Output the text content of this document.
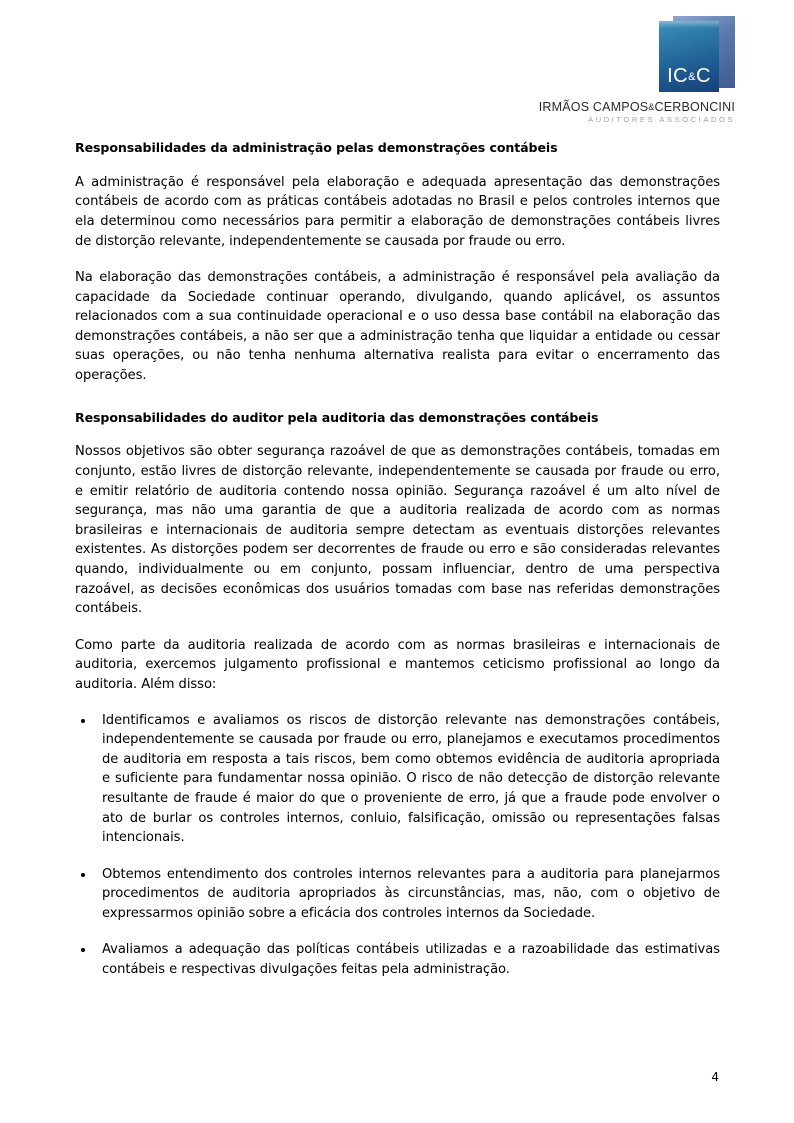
IC&C
IRMÃOS CAMPOS&CERBONCINI
AUDITORES ASSOCIADOS
Responsabilidades da administração pelas demonstrações contábeis

A administração é responsável pela elaboração e adequada apresentação das demonstrações contábeis de acordo com as práticas contábeis adotadas no Brasil e pelos controles internos que ela determinou como necessários para permitir a elaboração de demonstrações contábeis livres de distorção relevante, independentemente se causada por fraude ou erro.

Na elaboração das demonstrações contábeis, a administração é responsável pela avaliação da capacidade da Sociedade continuar operando, divulgando, quando aplicável, os assuntos relacionados com a sua continuidade operacional e o uso dessa base contábil na elaboração das demonstrações contábeis, a não ser que a administração tenha que liquidar a entidade ou cessar suas operações, ou não tenha nenhuma alternativa realista para evitar o encerramento das operações.

Responsabilidades do auditor pela auditoria das demonstrações contábeis

Nossos objetivos são obter segurança razoável de que as demonstrações contábeis, tomadas em conjunto, estão livres de distorção relevante, independentemente se causada por fraude ou erro, e emitir relatório de auditoria contendo nossa opinião. Segurança razoável é um alto nível de segurança, mas não uma garantia de que a auditoria realizada de acordo com as normas brasileiras e internacionais de auditoria sempre detectam as eventuais distorções relevantes existentes. As distorções podem ser decorrentes de fraude ou erro e são consideradas relevantes quando, individualmente ou em conjunto, possam influenciar, dentro de uma perspectiva razoável, as decisões econômicas dos usuários tomadas com base nas referidas demonstrações contábeis.

Como parte da auditoria realizada de acordo com as normas brasileiras e internacionais de auditoria, exercemos julgamento profissional e mantemos ceticismo profissional ao longo da auditoria. Além disso:

Identificamos e avaliamos os riscos de distorção relevante nas demonstrações contábeis, independentemente se causada por fraude ou erro, planejamos e executamos procedimentos de auditoria em resposta a tais riscos, bem como obtemos evidência de auditoria apropriada e suficiente para fundamentar nossa opinião. O risco de não detecção de distorção relevante resultante de fraude é maior do que o proveniente de erro, já que a fraude pode envolver o ato de burlar os controles internos, conluio, falsificação, omissão ou representações falsas intencionais.
Obtemos entendimento dos controles internos relevantes para a auditoria para planejarmos procedimentos de auditoria apropriados às circunstâncias, mas, não, com o objetivo de expressarmos opinião sobre a eficácia dos controles internos da Sociedade.
Avaliamos a adequação das políticas contábeis utilizadas e a razoabilidade das estimativas contábeis e respectivas divulgações feitas pela administração.
4
